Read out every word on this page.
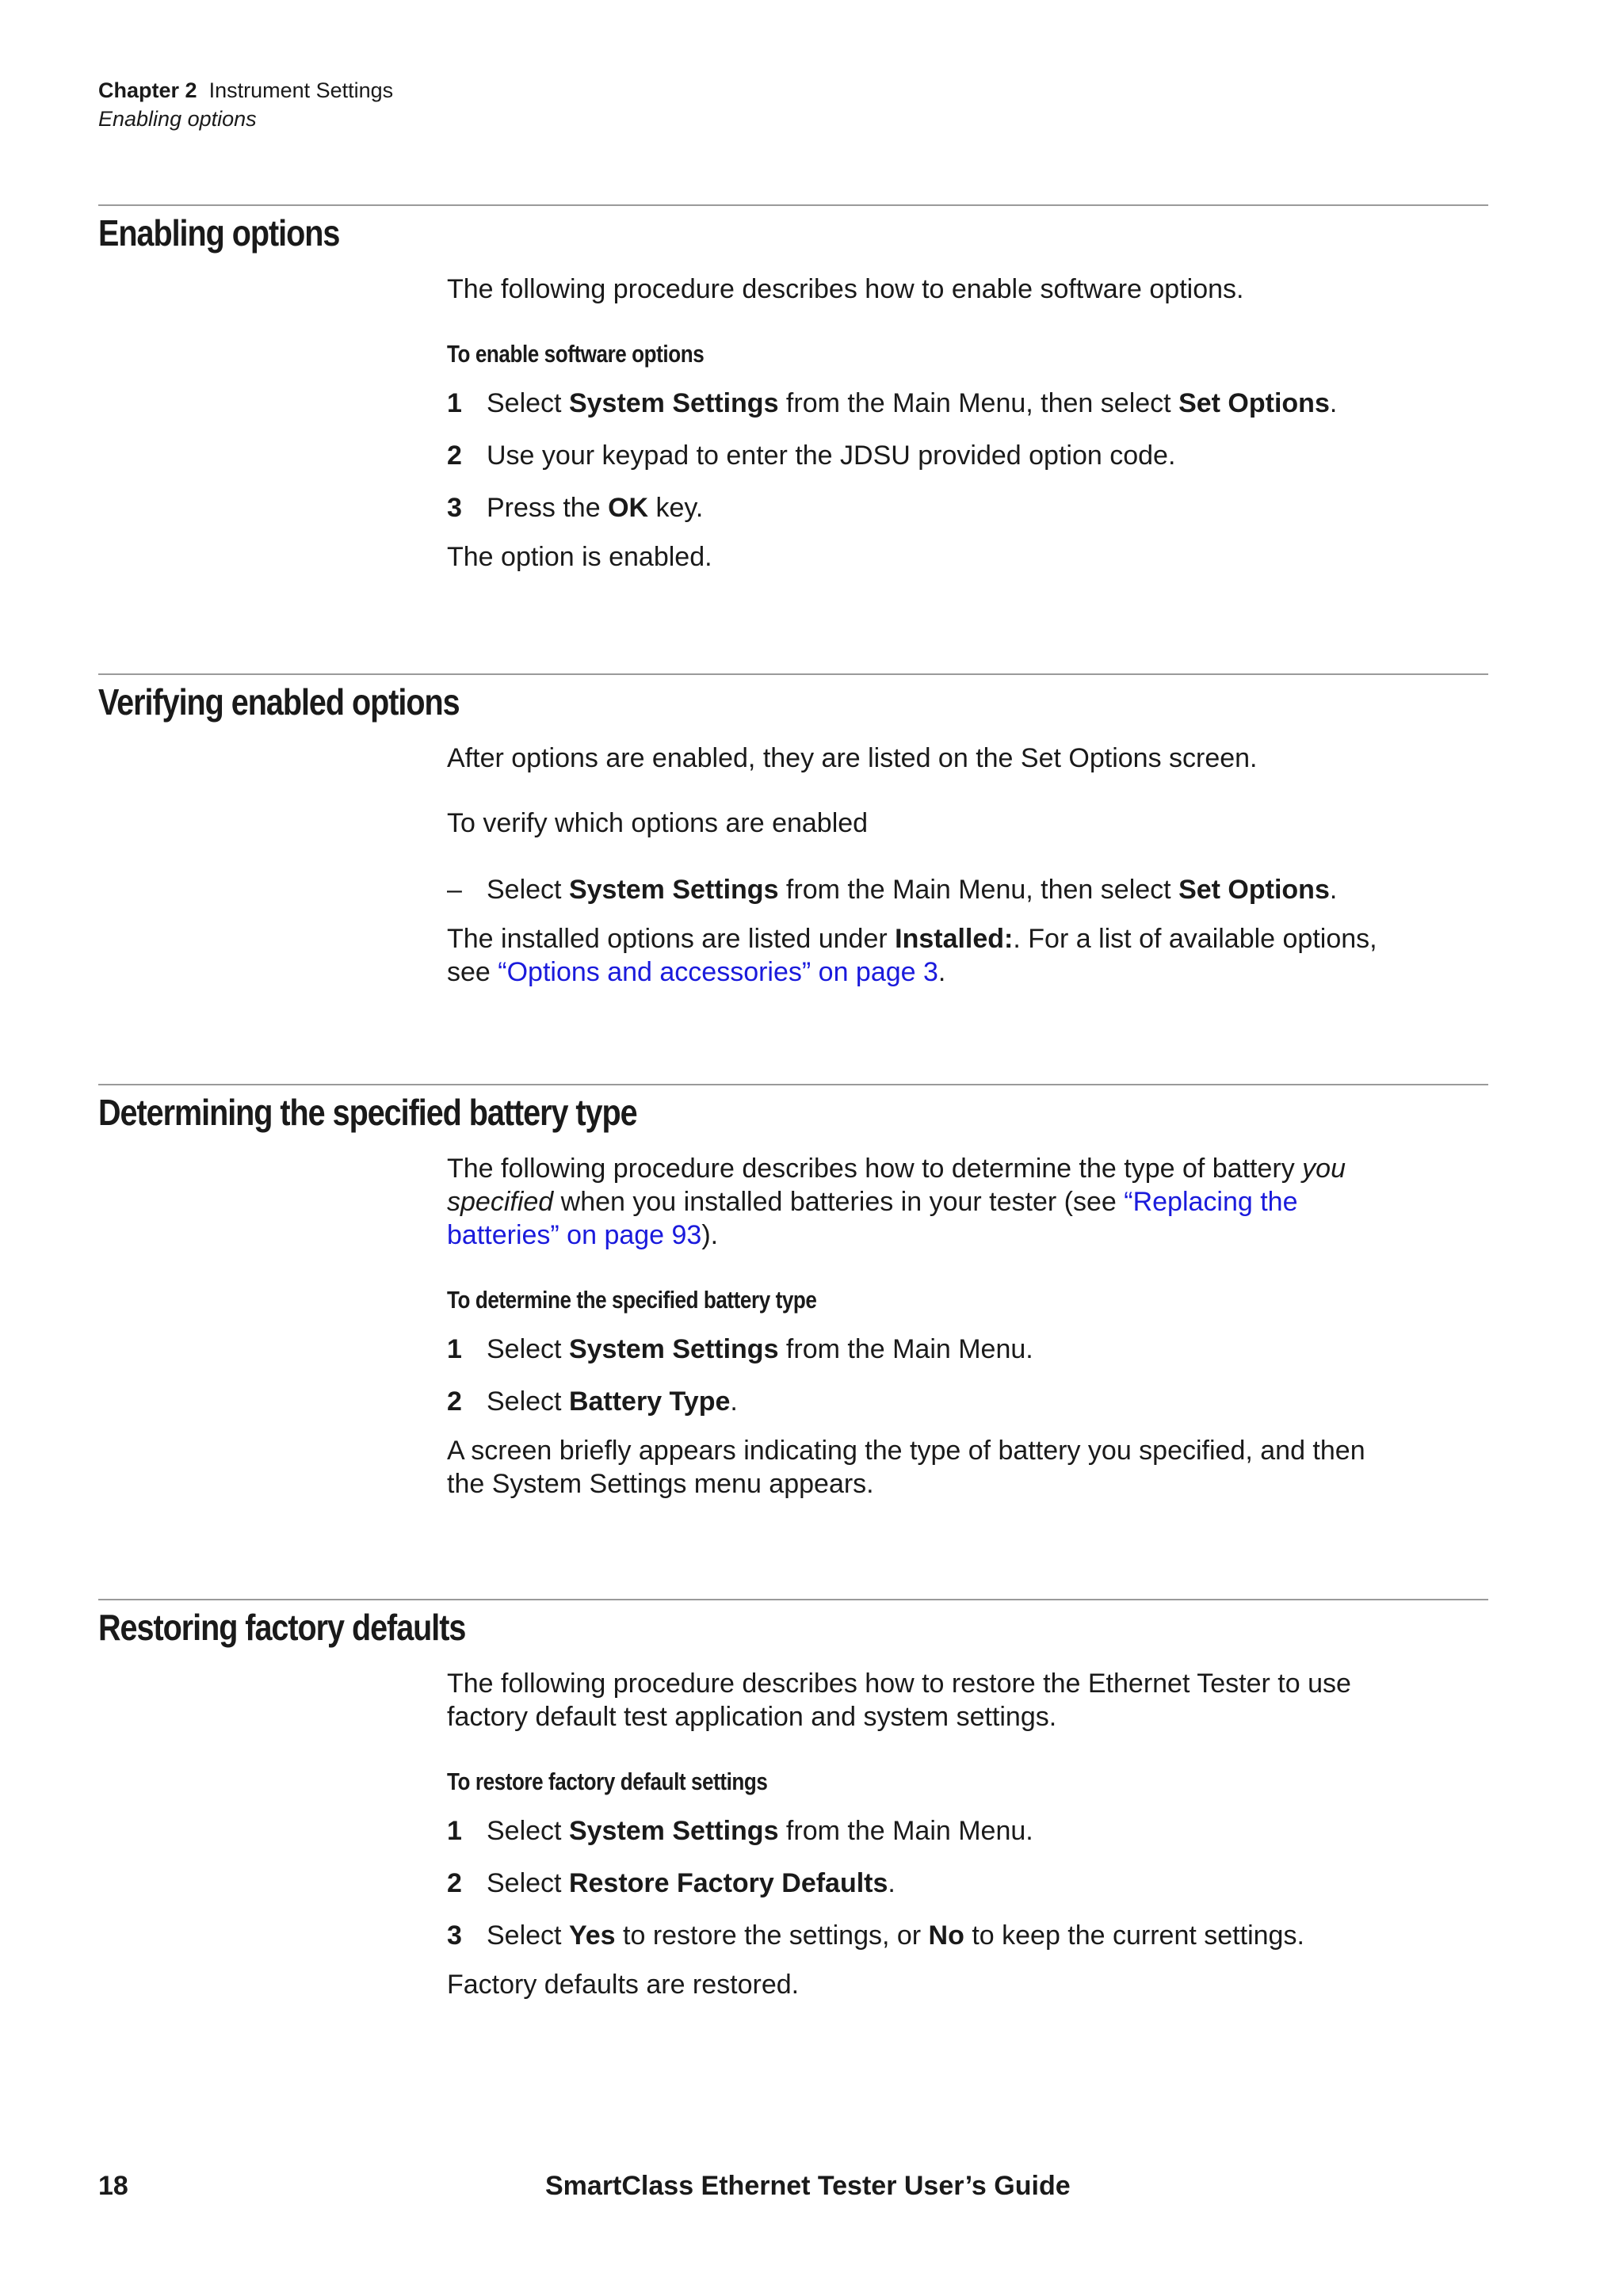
Chapter 2 Instrument Settings
Enabling options
Enabling options

The following procedure describes how to enable software options.

To enable software options

1 Select System Settings from the Main Menu, then select Set Options.
2 Use your keypad to enter the JDSU provided option code.
3 Press the OK key.

The option is enabled.

Verifying enabled options

After options are enabled, they are listed on the Set Options screen.

To verify which options are enabled

– Select System Settings from the Main Menu, then select Set Options.

The installed options are listed under Installed:. For a list of available options, see “Options and accessories” on page 3.

Determining the specified battery type

The following procedure describes how to determine the type of battery you specified when you installed batteries in your tester (see “Replacing the batteries” on page 93).

To determine the specified battery type

1 Select System Settings from the Main Menu.
2 Select Battery Type.

A screen briefly appears indicating the type of battery you specified, and then the System Settings menu appears.

Restoring factory defaults

The following procedure describes how to restore the Ethernet Tester to use factory default test application and system settings.

To restore factory default settings

1 Select System Settings from the Main Menu.
2 Select Restore Factory Defaults.
3 Select Yes to restore the settings, or No to keep the current settings.

Factory defaults are restored.

18	SmartClass Ethernet Tester User’s Guide
